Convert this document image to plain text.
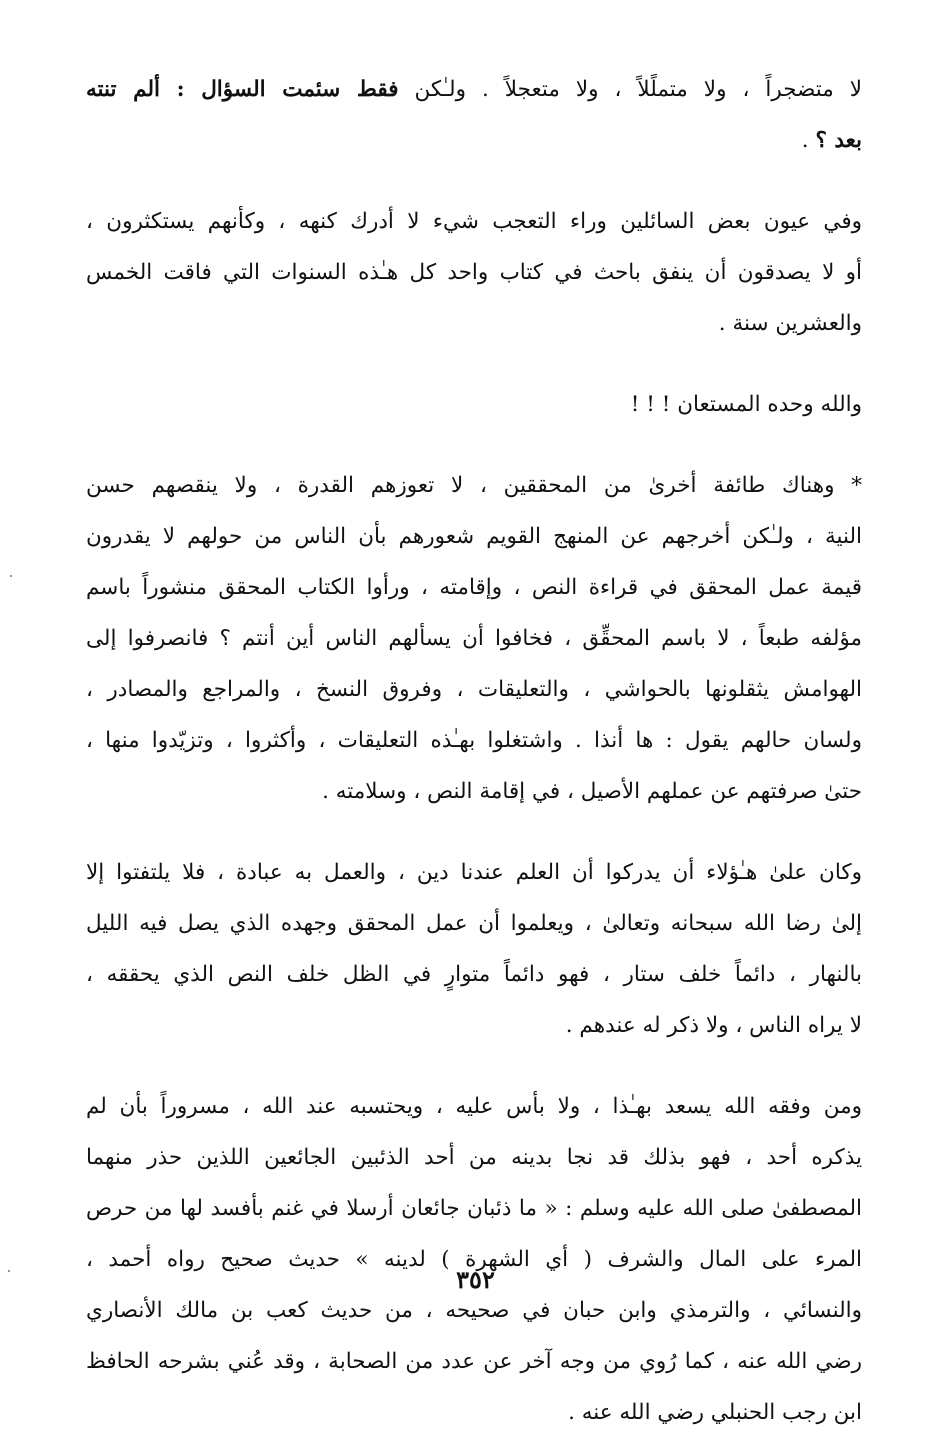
لا متضجراً ، ولا متملًلاً ، ولا متعجلاً . ولـٰكن فقط سئمت السؤال : ألم تنته
بعد ؟ .
وفي عيون بعض السائلين وراء التعجب شيء لا أدرك كنهه ، وكأنهم يستكثرون ،
أو لا يصدقون أن ينفق باحث في كتاب واحد كل هـٰذه السنوات التي فاقت الخمس
والعشرين سنة .
والله وحده المستعان ! ! !
* وهناك طائفة أخرىٰ من المحققين ، لا تعوزهم القدرة ، ولا ينقصهم حسن
النية ، ولـٰكن أخرجهم عن المنهج القويم شعورهم بأن الناس من حولهم لا يقدرون
قيمة عمل المحقق في قراءة النص ، وإقامته ، ورأوا الكتاب المحقق منشوراً باسم
مؤلفه طبعاً ، لا باسم المحقِّق ، فخافوا أن يسألهم الناس أين أنتم ؟ فانصرفوا إلى
الهوامش يثقلونها بالحواشي ، والتعليقات ، وفروق النسخ ، والمراجع والمصادر ،
ولسان حالهم يقول : ها أنذا . واشتغلوا بهـٰذه التعليقات ، وأكثروا ، وتزيّدوا منها ،
حتىٰ صرفتهم عن عملهم الأصيل ، في إقامة النص ، وسلامته .
وكان علىٰ هـٰؤلاء أن يدركوا أن العلم عندنا دين ، والعمل به عبادة ، فلا يلتفتوا إلا
إلىٰ رضا الله سبحانه وتعالىٰ ، ويعلموا أن عمل المحقق وجهده الذي يصل فيه الليل
بالنهار ، دائماً خلف ستار ، فهو دائماً متوارٍ في الظل خلف النص الذي يحققه ،
لا يراه الناس ، ولا ذكر له عندهم .
ومن وفقه الله يسعد بهـٰذا ، ولا بأس عليه ، ويحتسبه عند الله ، مسروراً بأن لم
يذكره أحد ، فهو بذلك قد نجا بدينه من أحد الذئبين الجائعين اللذين حذر منهما
المصطفىٰ صلى الله عليه وسلم : « ما ذئبان جائعان أرسلا في غنم بأفسد لها من حرص
المرء على المال والشرف ( أي الشهرة ) لدينه » حديث صحيح رواه أحمد ،
والنسائي ، والترمذي وابن حبان في صحيحه ، من حديث كعب بن مالك الأنصاري
رضي الله عنه ، كما رُوي من وجه آخر عن عدد من الصحابة ، وقد عُني بشرحه الحافظ
ابن رجب الحنبلي رضي الله عنه .
٣٥٢
